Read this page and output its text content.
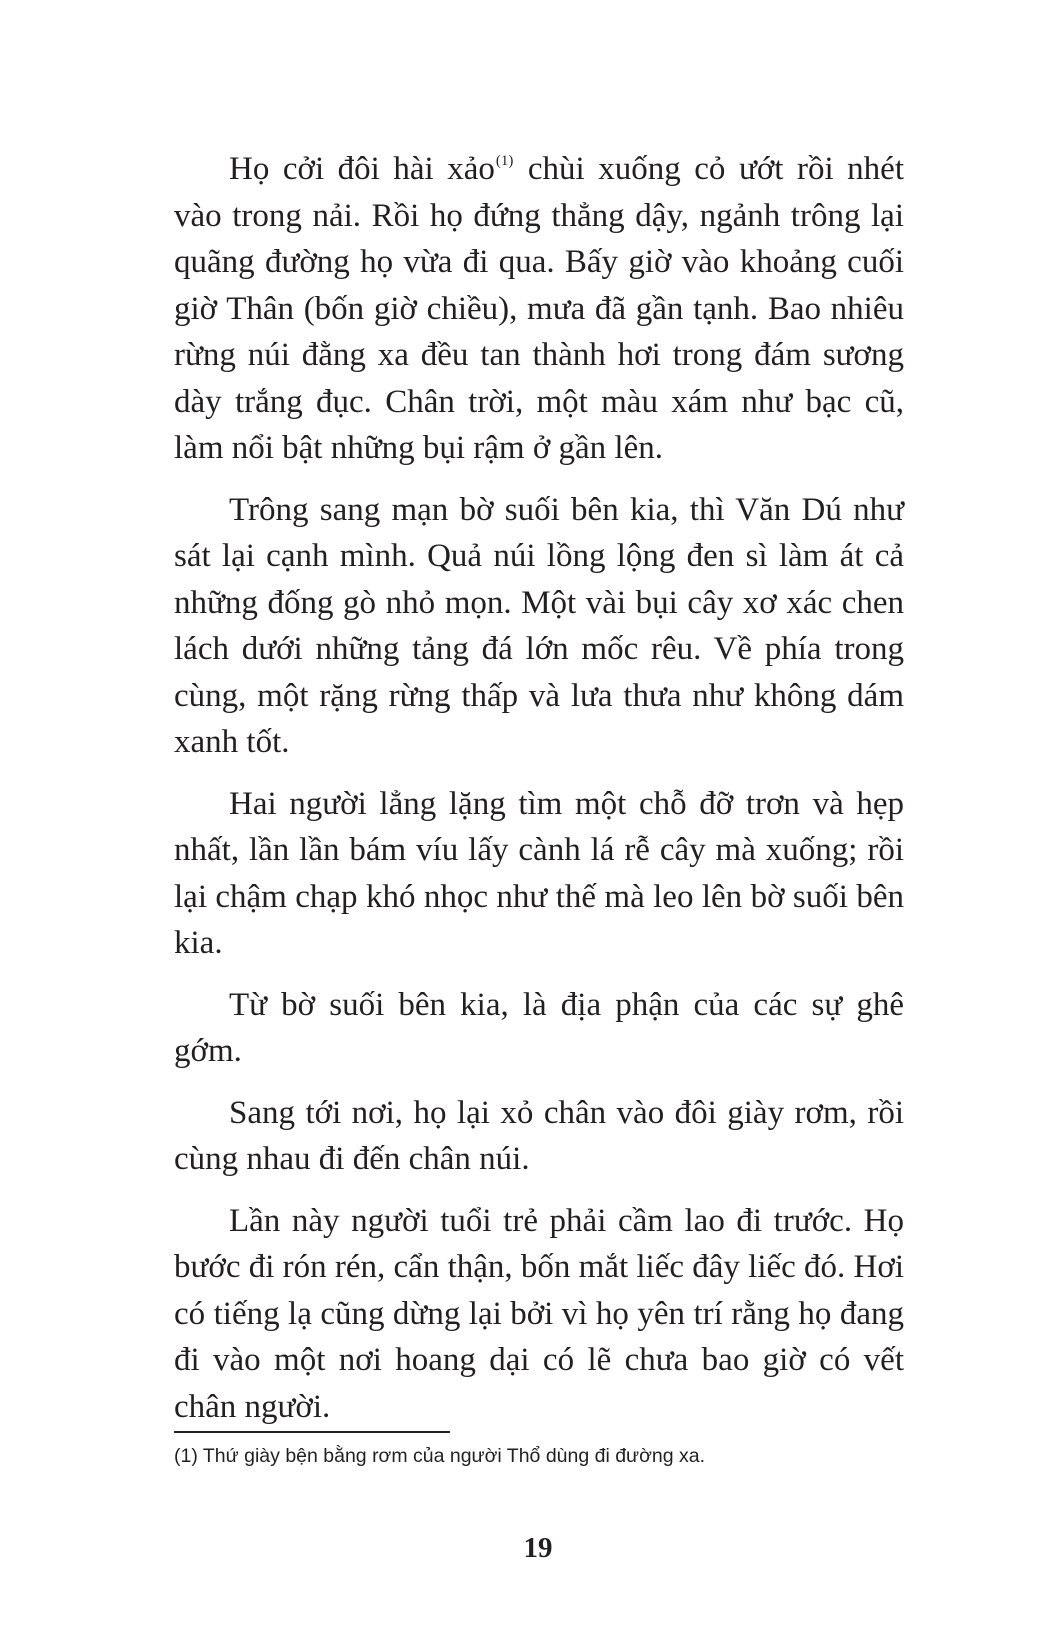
Họ cởi đôi hài xảo$^{(1)}$ chùi xuống cỏ ướt rồi nhét vào trong nải. Rồi họ đứng thẳng dậy, ngảnh trông lại quãng đường họ vừa đi qua. Bấy giờ vào khoảng cuối giờ Thân (bốn giờ chiều), mưa đã gần tạnh. Bao nhiêu rừng núi đằng xa đều tan thành hơi trong đám sương dày trắng đục. Chân trời, một màu xám như bạc cũ, làm nổi bật những bụi rậm ở gần lên.

Trông sang mạn bờ suối bên kia, thì Văn Dú như sát lại cạnh mình. Quả núi lồng lộng đen sì làm át cả những đống gò nhỏ mọn. Một vài bụi cây xơ xác chen lách dưới những tảng đá lớn mốc rêu. Về phía trong cùng, một rặng rừng thấp và lưa thưa như không dám xanh tốt.

Hai người lẳng lặng tìm một chỗ đỡ trơn và hẹp nhất, lần lần bám víu lấy cành lá rễ cây mà xuống; rồi lại chậm chạp khó nhọc như thế mà leo lên bờ suối bên kia.

Từ bờ suối bên kia, là địa phận của các sự ghê gớm.

Sang tới nơi, họ lại xỏ chân vào đôi giày rơm, rồi cùng nhau đi đến chân núi.

Lần này người tuổi trẻ phải cầm lao đi trước. Họ bước đi rón rén, cẩn thận, bốn mắt liếc đây liếc đó. Hơi có tiếng lạ cũng dừng lại bởi vì họ yên trí rằng họ đang đi vào một nơi hoang dại có lẽ chưa bao giờ có vết chân người.

(1) Thứ giày bện bằng rơm của người Thổ dùng đi đường xa.
19
